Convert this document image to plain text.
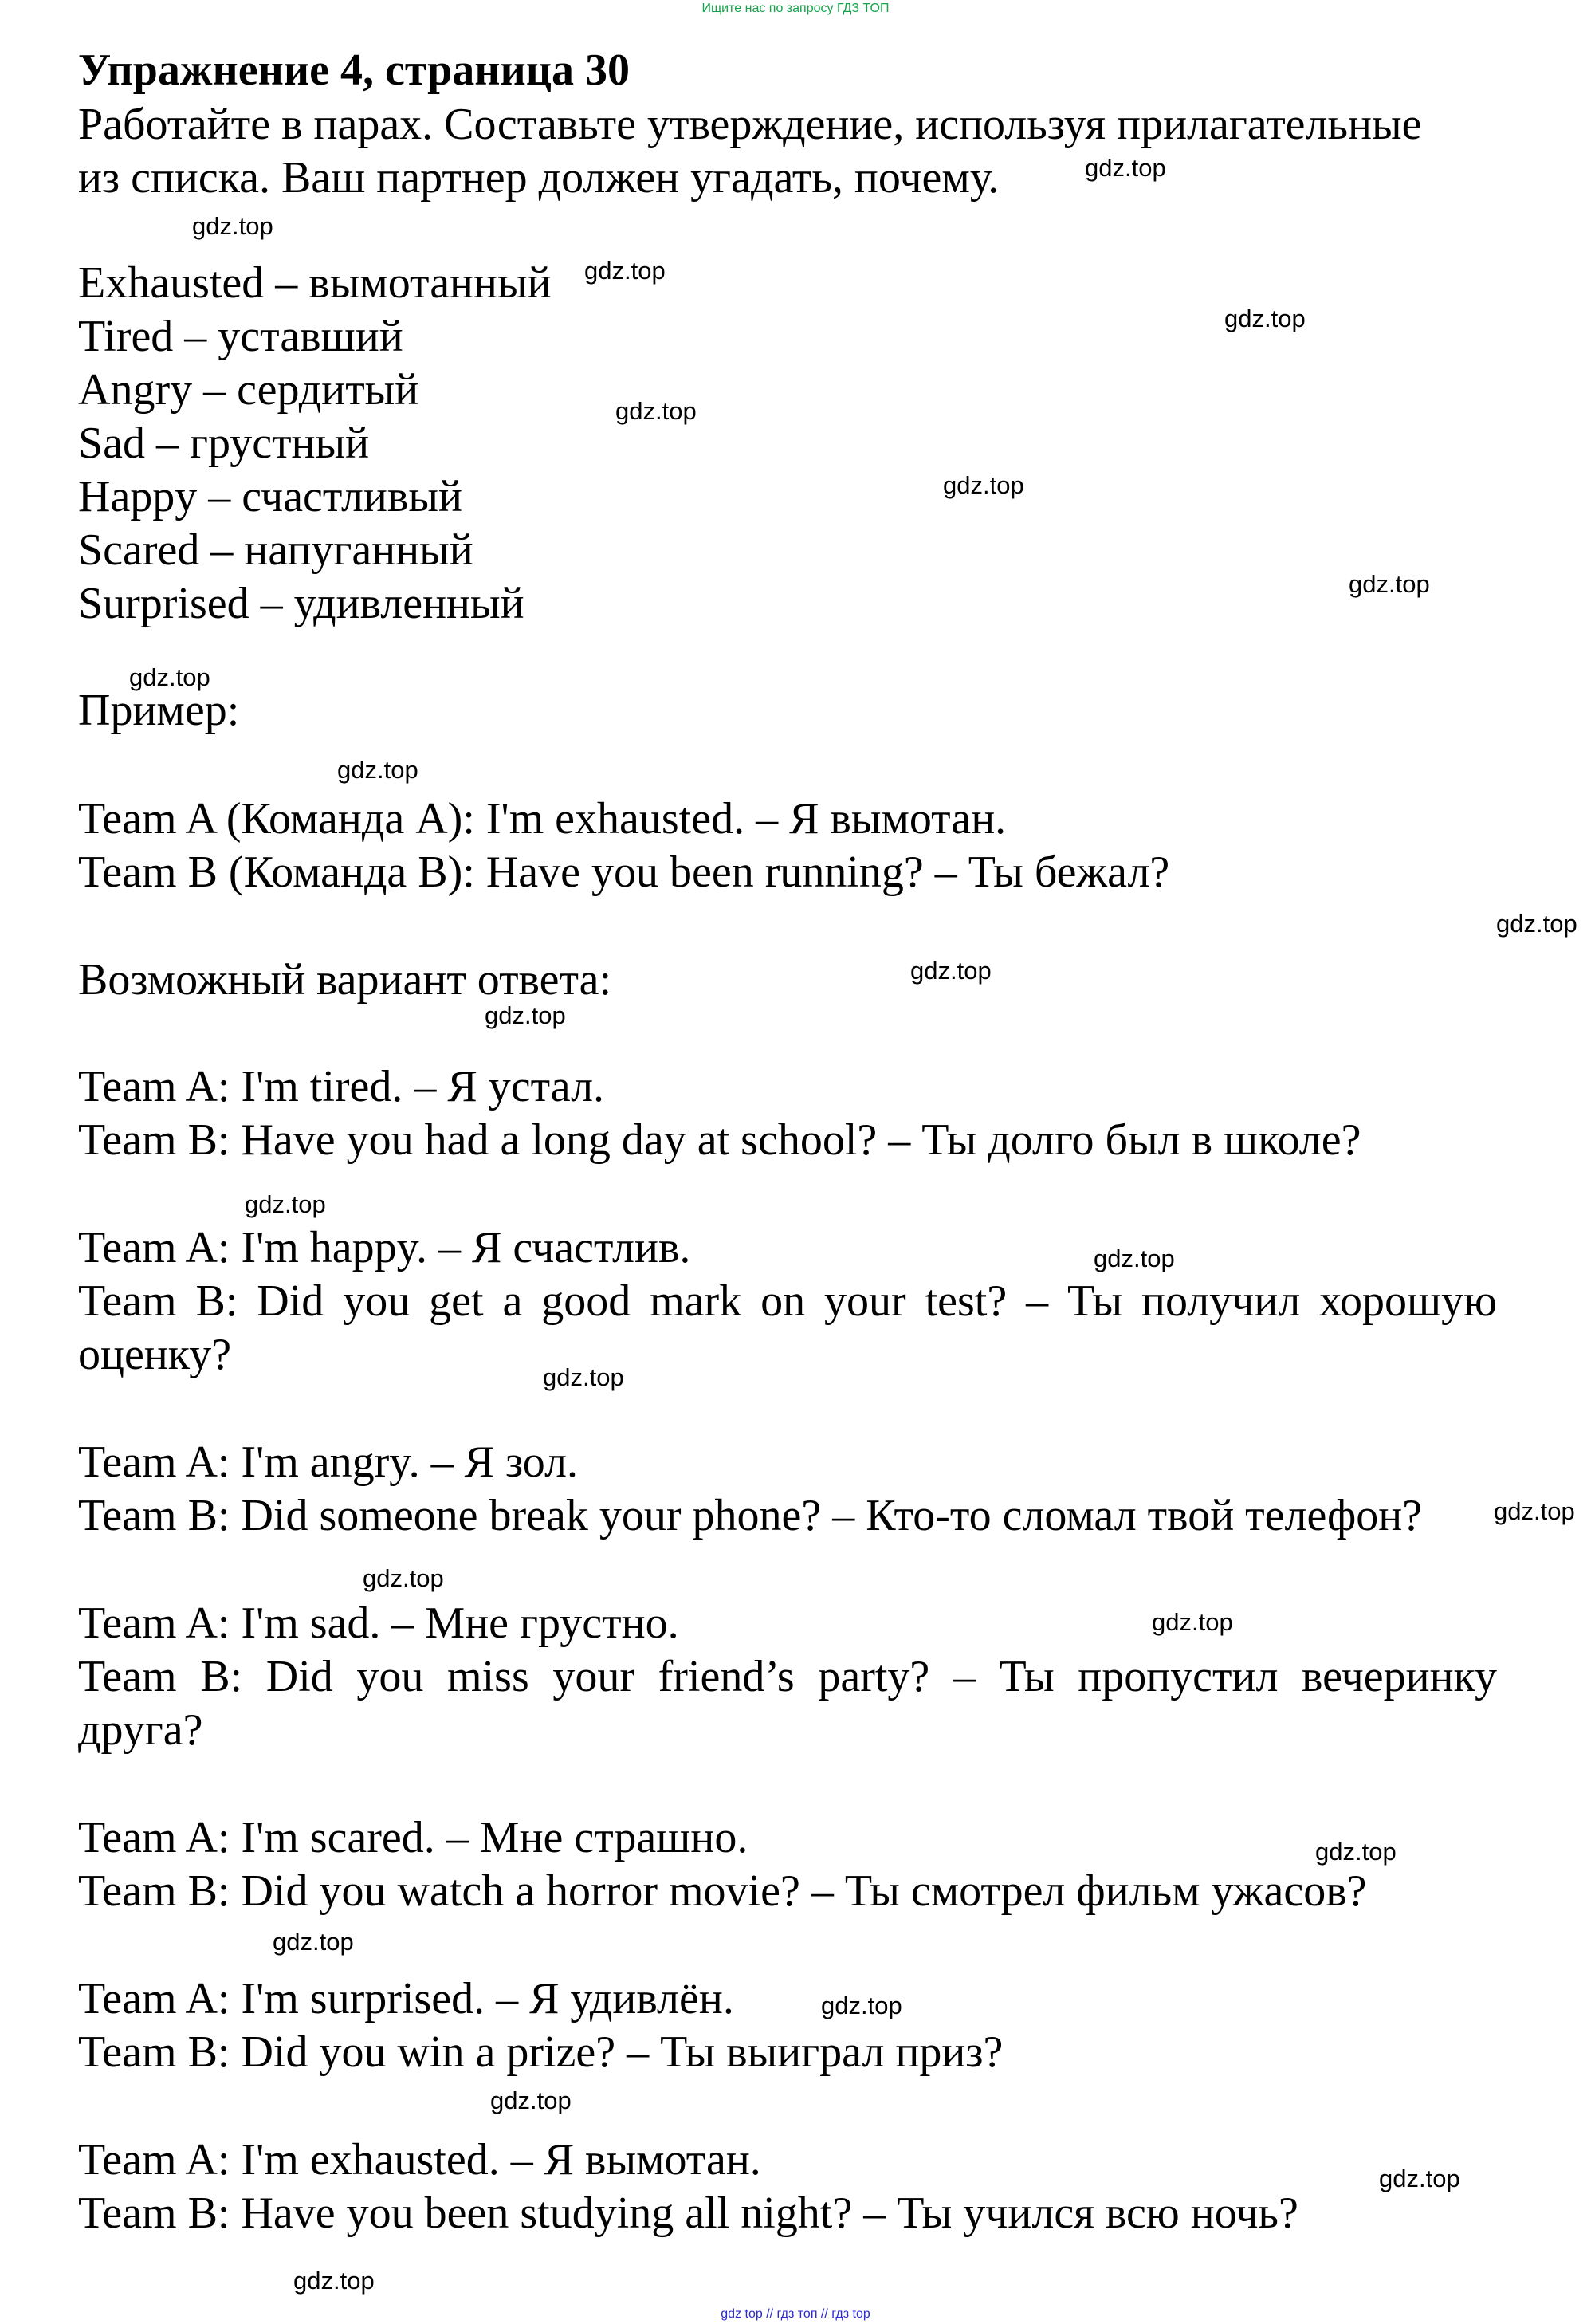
Ищите нас по запросу ГДЗ ТОП
Упражнение 4, страница 30
Работайте в парах. Составьте утверждение, используя прилагательные
из списка. Ваш партнер должен угадать, почему.
Exhausted – вымотанный
Tired – уставший
Angry – сердитый
Sad – грустный
Happy – счастливый
Scared – напуганный
Surprised – удивленный
Пример:
Team A (Команда А): I'm exhausted. – Я вымотан.
Team B (Команда В): Have you been running? – Ты бежал?
Возможный вариант ответа:
Team A: I'm tired. – Я устал.
Team B: Have you had a long day at school? – Ты долго был в школе?
Team A: I'm happy. – Я счастлив.
Team B: Did you get a good mark on your test? – Ты получил хорошую
оценку?
Team A: I'm angry. – Я зол.
Team B: Did someone break your phone? – Кто-то сломал твой телефон?
Team A: I'm sad. – Мне грустно.
Team B: Did you miss your friend’s party? – Ты пропустил вечеринку
друга?
Team A: I'm scared. – Мне страшно.
Team B: Did you watch a horror movie? – Ты смотрел фильм ужасов?
Team A: I'm surprised. – Я удивлён.
Team B: Did you win a prize? – Ты выиграл приз?
Team A: I'm exhausted. – Я вымотан.
Team B: Have you been studying all night? – Ты учился всю ночь?
gdz.top
gdz.top
gdz.top
gdz.top
gdz.top
gdz.top
gdz.top
gdz.top
gdz.top
gdz.top
gdz.top
gdz.top
gdz.top
gdz.top
gdz.top
gdz.top
gdz.top
gdz.top
gdz.top
gdz.top
gdz.top
gdz.top
gdz.top
gdz.top
gdz top // гдз топ // гдз top
